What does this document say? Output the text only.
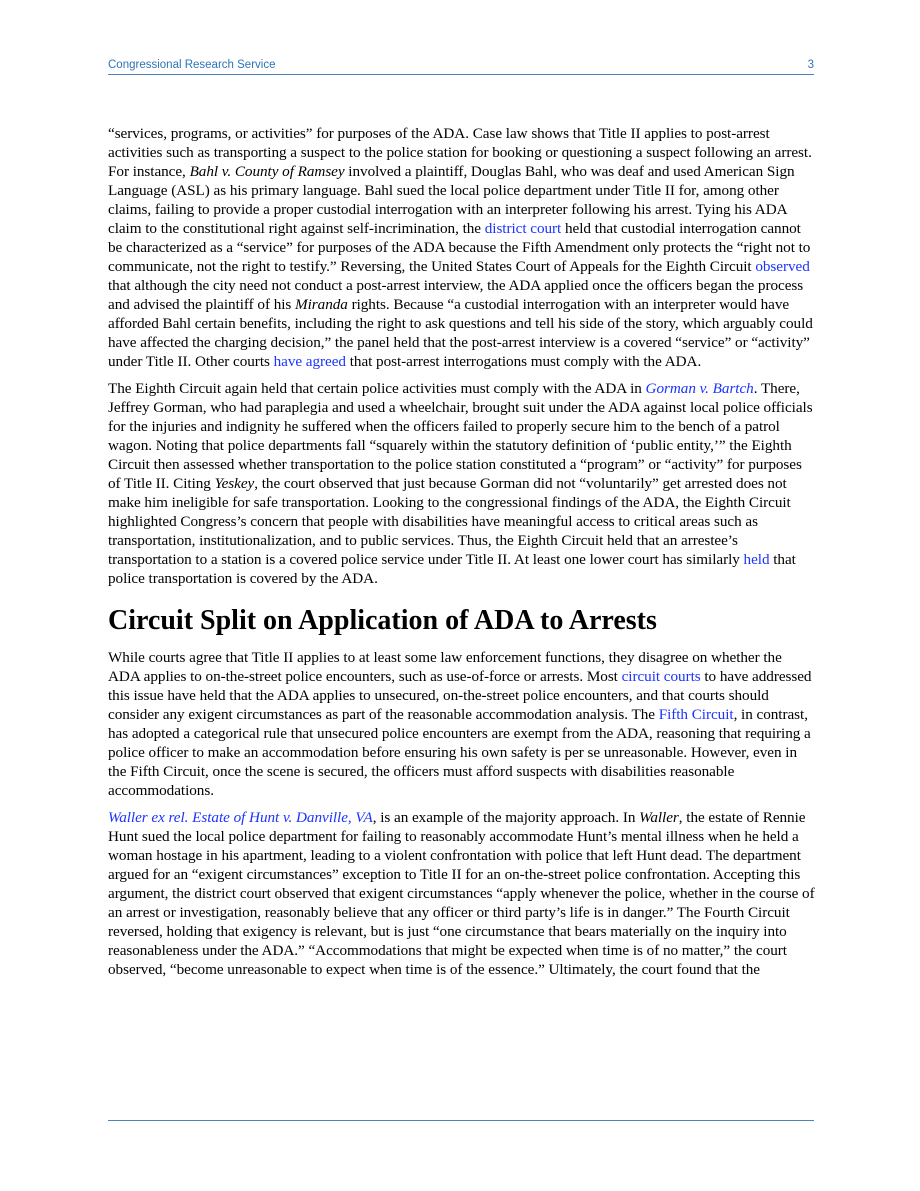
Congressional Research Service	3

“services, programs, or activities” for purposes of the ADA. Case law shows that Title II applies to post-arrest activities such as transporting a suspect to the police station for booking or questioning a suspect following an arrest. For instance, Bahl v. County of Ramsey involved a plaintiff, Douglas Bahl, who was deaf and used American Sign Language (ASL) as his primary language. Bahl sued the local police department under Title II for, among other claims, failing to provide a proper custodial interrogation with an interpreter following his arrest. Tying his ADA claim to the constitutional right against self-incrimination, the district court held that custodial interrogation cannot be characterized as a “service” for purposes of the ADA because the Fifth Amendment only protects the “right not to communicate, not the right to testify.” Reversing, the United States Court of Appeals for the Eighth Circuit observed that although the city need not conduct a post-arrest interview, the ADA applied once the officers began the process and advised the plaintiff of his Miranda rights. Because “a custodial interrogation with an interpreter would have afforded Bahl certain benefits, including the right to ask questions and tell his side of the story, which arguably could have affected the charging decision,” the panel held that the post-arrest interview is a covered “service” or “activity” under Title II. Other courts have agreed that post-arrest interrogations must comply with the ADA.

The Eighth Circuit again held that certain police activities must comply with the ADA in Gorman v. Bartch. There, Jeffrey Gorman, who had paraplegia and used a wheelchair, brought suit under the ADA against local police officials for the injuries and indignity he suffered when the officers failed to properly secure him to the bench of a patrol wagon. Noting that police departments fall “squarely within the statutory definition of ‘public entity,’” the Eighth Circuit then assessed whether transportation to the police station constituted a “program” or “activity” for purposes of Title II. Citing Yeskey, the court observed that just because Gorman did not “voluntarily” get arrested does not make him ineligible for safe transportation. Looking to the congressional findings of the ADA, the Eighth Circuit highlighted Congress’s concern that people with disabilities have meaningful access to critical areas such as transportation, institutionalization, and to public services. Thus, the Eighth Circuit held that an arrestee’s transportation to a station is a covered police service under Title II. At least one lower court has similarly held that police transportation is covered by the ADA.

Circuit Split on Application of ADA to Arrests

While courts agree that Title II applies to at least some law enforcement functions, they disagree on whether the ADA applies to on-the-street police encounters, such as use-of-force or arrests. Most circuit courts to have addressed this issue have held that the ADA applies to unsecured, on-the-street police encounters, and that courts should consider any exigent circumstances as part of the reasonable accommodation analysis. The Fifth Circuit, in contrast, has adopted a categorical rule that unsecured police encounters are exempt from the ADA, reasoning that requiring a police officer to make an accommodation before ensuring his own safety is per se unreasonable. However, even in the Fifth Circuit, once the scene is secured, the officers must afford suspects with disabilities reasonable accommodations.

Waller ex rel. Estate of Hunt v. Danville, VA, is an example of the majority approach. In Waller, the estate of Rennie Hunt sued the local police department for failing to reasonably accommodate Hunt’s mental illness when he held a woman hostage in his apartment, leading to a violent confrontation with police that left Hunt dead. The department argued for an “exigent circumstances” exception to Title II for an on-the-street police confrontation. Accepting this argument, the district court observed that exigent circumstances “apply whenever the police, whether in the course of an arrest or investigation, reasonably believe that any officer or third party’s life is in danger.” The Fourth Circuit reversed, holding that exigency is relevant, but is just “one circumstance that bears materially on the inquiry into reasonableness under the ADA.” “Accommodations that might be expected when time is of no matter,” the court observed, “become unreasonable to expect when time is of the essence.” Ultimately, the court found that the
